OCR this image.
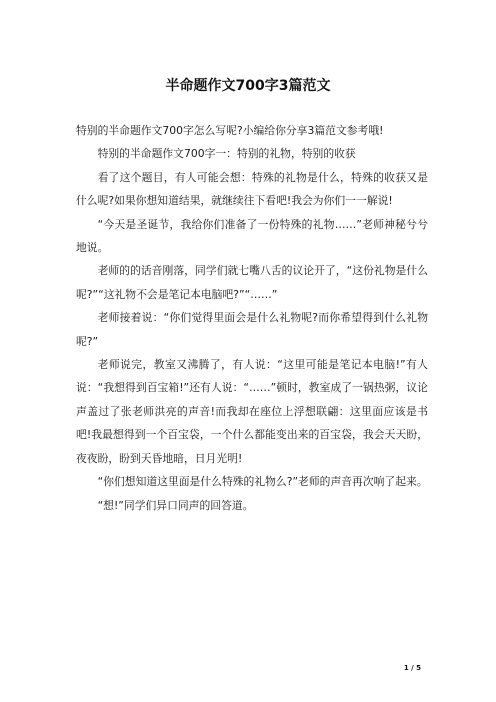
半命题作文700字3篇范文

特别的半命题作文700字怎么写呢?小编给你分享3篇范文参考哦!

特别的半命题作文700字一：特别的礼物，特别的收获

看了这个题目，有人可能会想：特殊的礼物是什么，特殊的收获又是什么呢?如果你想知道结果，就继续往下看吧!我会为你们一一解说!

“今天是圣诞节，我给你们准备了一份特殊的礼物……”老师神秘兮兮地说。

老师的的话音刚落，同学们就七嘴八舌的议论开了，“这份礼物是什么呢?”“这礼物不会是笔记本电脑吧?”“……”

老师接着说：“你们觉得里面会是什么礼物呢?而你希望得到什么礼物呢?”

老师说完，教室又沸腾了，有人说：“这里可能是笔记本电脑!”有人说：“我想得到百宝箱!”还有人说：“……”顿时，教室成了一锅热粥，议论声盖过了张老师洪亮的声音!而我却在座位上浮想联翩：这里面应该是书吧!我最想得到一个百宝袋，一个什么都能变出来的百宝袋，我会天天盼，夜夜盼，盼到天昏地暗，日月光明!

“你们想知道这里面是什么特殊的礼物么?”老师的声音再次响了起来。

“想!”同学们异口同声的回答道。

1 / 5
